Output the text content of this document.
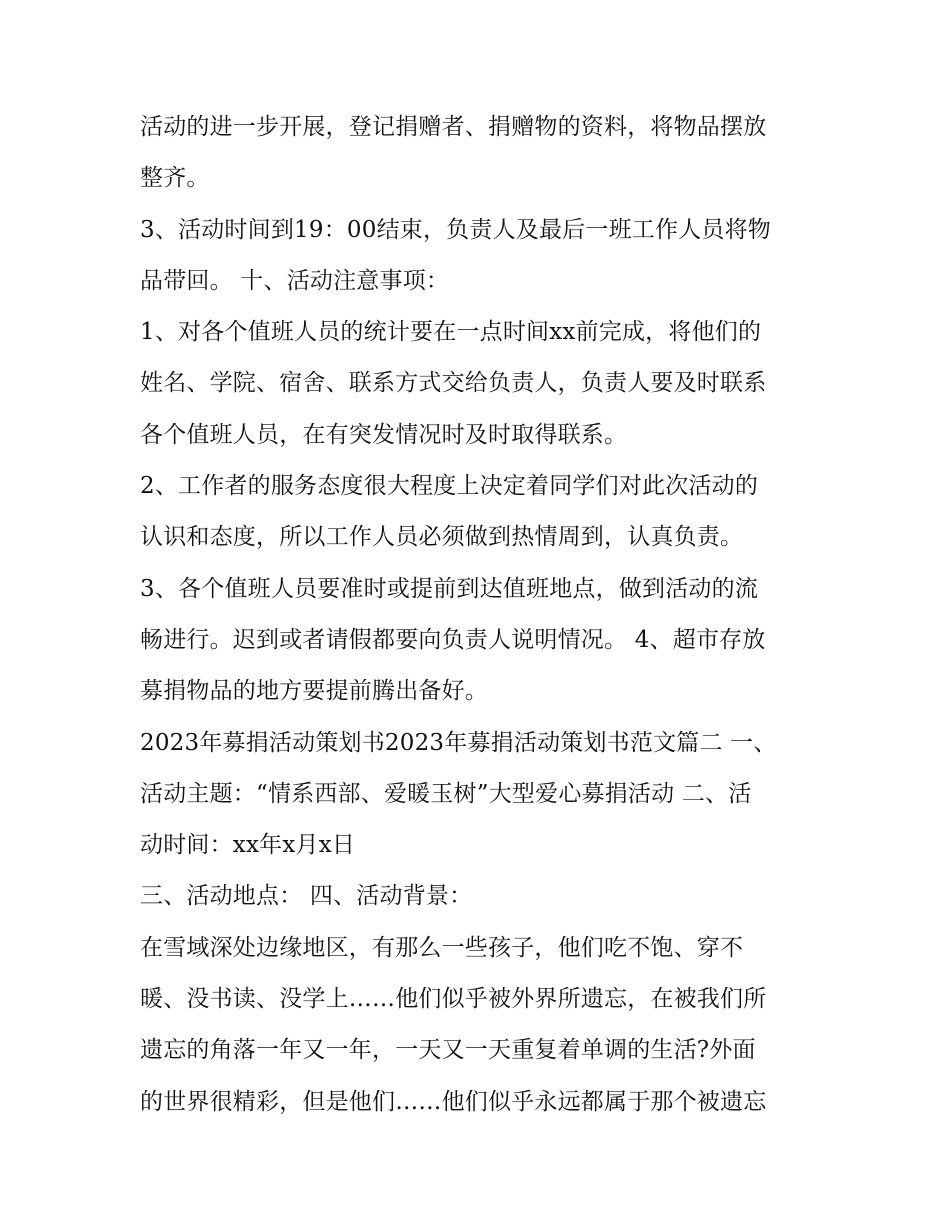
活动的进一步开展，登记捐赠者、捐赠物的资料，将物品摆放
整齐。
3、活动时间到19：00结束，负责人及最后一班工作人员将物
品带回。 十、活动注意事项：
1、对各个值班人员的统计要在一点时间xx前完成，将他们的
姓名、学院、宿舍、联系方式交给负责人，负责人要及时联系
各个值班人员，在有突发情况时及时取得联系。
2、工作者的服务态度很大程度上决定着同学们对此次活动的
认识和态度，所以工作人员必须做到热情周到，认真负责。
3、各个值班人员要准时或提前到达值班地点，做到活动的流
畅进行。迟到或者请假都要向负责人说明情况。 4、超市存放
募捐物品的地方要提前腾出备好。
2023年募捐活动策划书2023年募捐活动策划书范文篇二 一、
活动主题：“情系西部、爱暖玉树”大型爱心募捐活动 二、活
动时间：xx年x月x日
三、活动地点： 四、活动背景：
在雪域深处边缘地区，有那么一些孩子，他们吃不饱、穿不
暖、没书读、没学上……他们似乎被外界所遗忘，在被我们所
遗忘的角落一年又一年，一天又一天重复着单调的生活?外面
的世界很精彩，但是他们……他们似乎永远都属于那个被遗忘
